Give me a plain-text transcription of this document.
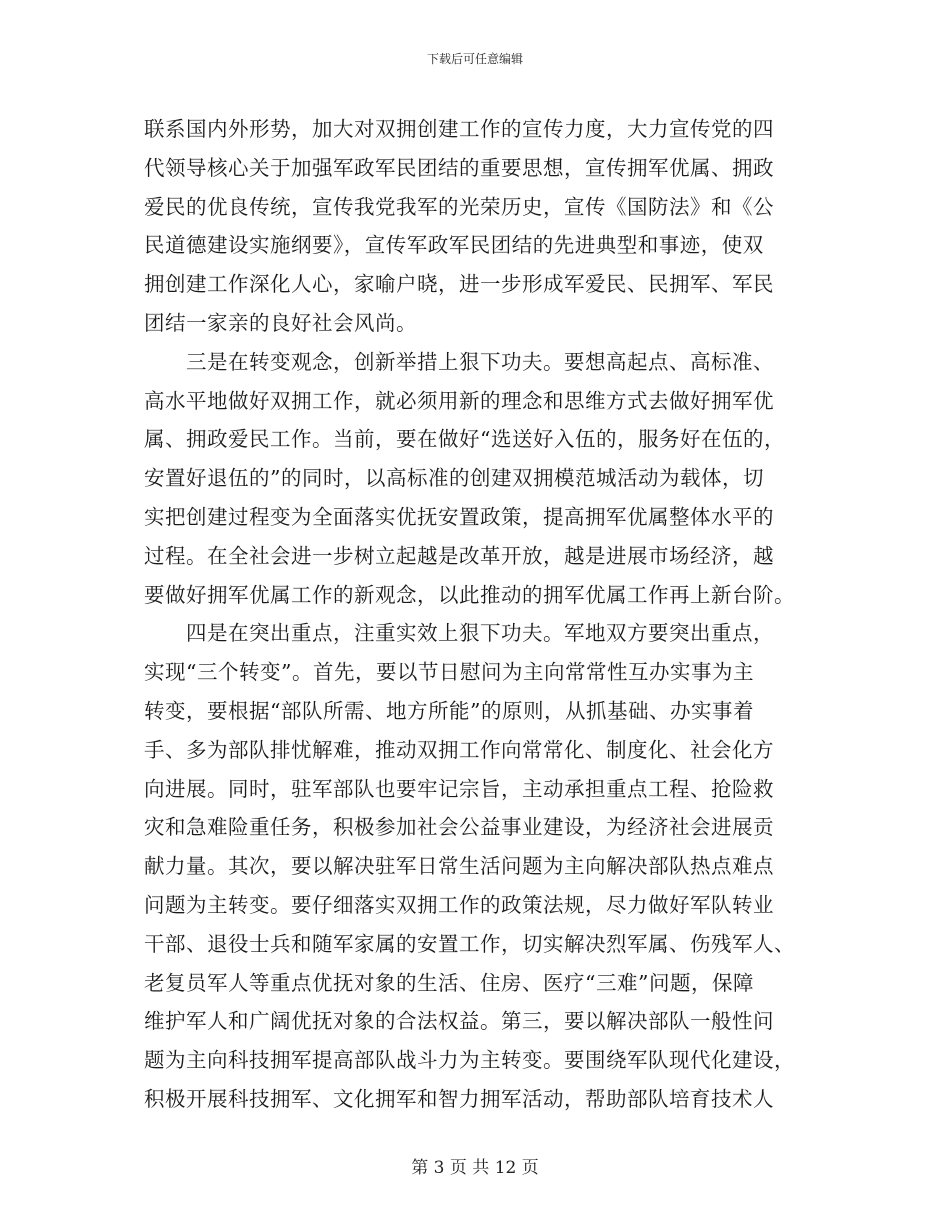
下载后可任意编辑
联系国内外形势，加大对双拥创建工作的宣传力度，大力宣传党的四
代领导核心关于加强军政军民团结的重要思想，宣传拥军优属、拥政
爱民的优良传统，宣传我党我军的光荣历史，宣传《国防法》和《公
民道德建设实施纲要》，宣传军政军民团结的先进典型和事迹，使双
拥创建工作深化人心，家喻户晓，进一步形成军爱民、民拥军、军民
团结一家亲的良好社会风尚。
　　三是在转变观念，创新举措上狠下功夫。要想高起点、高标准、
高水平地做好双拥工作，就必须用新的理念和思维方式去做好拥军优
属、拥政爱民工作。当前，要在做好“选送好入伍的，服务好在伍的，
安置好退伍的”的同时，以高标准的创建双拥模范城活动为载体，切
实把创建过程变为全面落实优抚安置政策，提高拥军优属整体水平的
过程。在全社会进一步树立起越是改革开放，越是进展市场经济，越
要做好拥军优属工作的新观念，以此推动的拥军优属工作再上新台阶。
　　四是在突出重点，注重实效上狠下功夫。军地双方要突出重点，
实现“三个转变”。首先，要以节日慰问为主向常常性互办实事为主
转变，要根据“部队所需、地方所能”的原则，从抓基础、办实事着
手、多为部队排忧解难，推动双拥工作向常常化、制度化、社会化方
向进展。同时，驻军部队也要牢记宗旨，主动承担重点工程、抢险救
灾和急难险重任务，积极参加社会公益事业建设，为经济社会进展贡
献力量。其次，要以解决驻军日常生活问题为主向解决部队热点难点
问题为主转变。要仔细落实双拥工作的政策法规，尽力做好军队转业
干部、退役士兵和随军家属的安置工作，切实解决烈军属、伤残军人、
老复员军人等重点优抚对象的生活、住房、医疗“三难”问题，保障
维护军人和广阔优抚对象的合法权益。第三，要以解决部队一般性问
题为主向科技拥军提高部队战斗力为主转变。要围绕军队现代化建设，
积极开展科技拥军、文化拥军和智力拥军活动，帮助部队培育技术人
第 3 页 共 12 页
